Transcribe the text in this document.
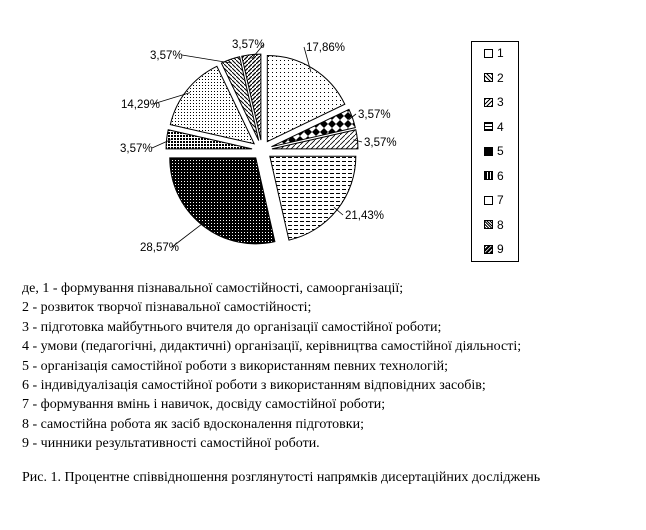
17,86%
3,57%
3,57%
21,43%
28,57%
3,57%
14,29%
3,57%
3,57%
1
2
3
4
5
6
7
8
9
де, 1 - формування пізнавальної самостійності, самоорганізації;
2 - розвиток творчої пізнавальної самостійності;
3 - підготовка майбутнього вчителя до організації самостійної роботи;
4 - умови (педагогічні, дидактичні) організації, керівництва самостійної діяльності;
5 - організація самостійної роботи з використанням певних технологій;
6 - індивідуалізація самостійної роботи з використанням відповідних засобів;
7 - формування вмінь і навичок, досвіду самостійної роботи;
8 - самостійна робота як засіб вдосконалення підготовки;
9 - чинники результативності самостійної роботи.
Рис. 1. Процентне співвідношення розглянутості напрямків дисертаційних досліджень
